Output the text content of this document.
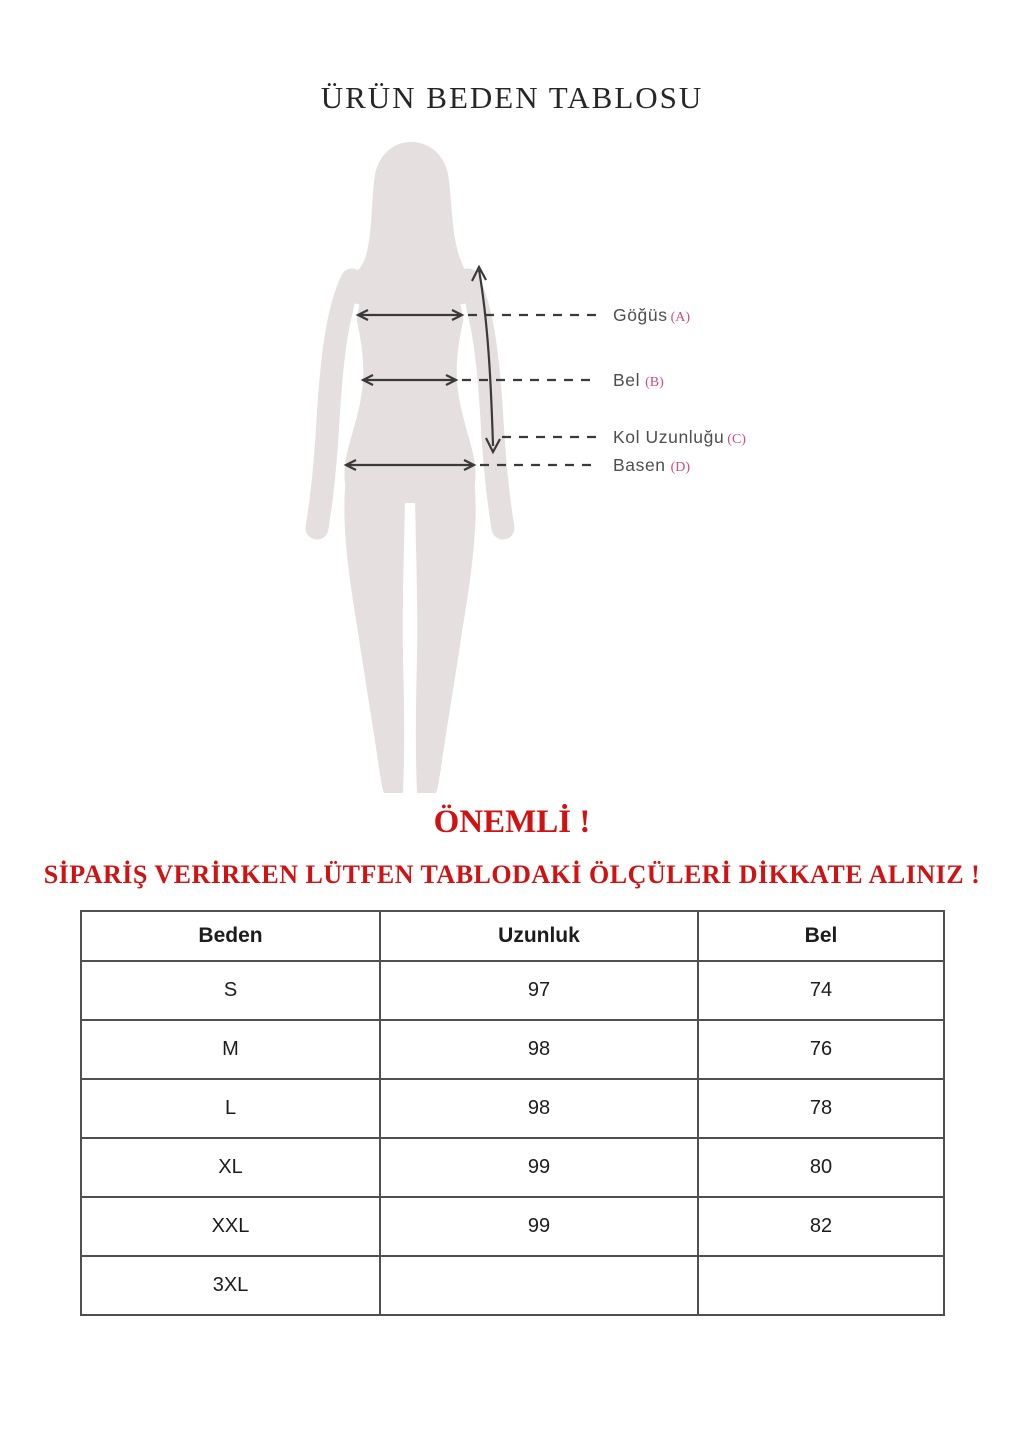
ÜRÜN BEDEN TABLOSU
Göğüs (A)
Bel (B)
Kol Uzunluğu (C)
Basen (D)
ÖNEMLİ !
SİPARİŞ VERİRKEN LÜTFEN TABLODAKİ ÖLÇÜLERİ DİKKATE ALINIZ !
Beden	Uzunluk	Bel
S	97	74
M	98	76
L	98	78
XL	99	80
XXL	99	82
3XL		
